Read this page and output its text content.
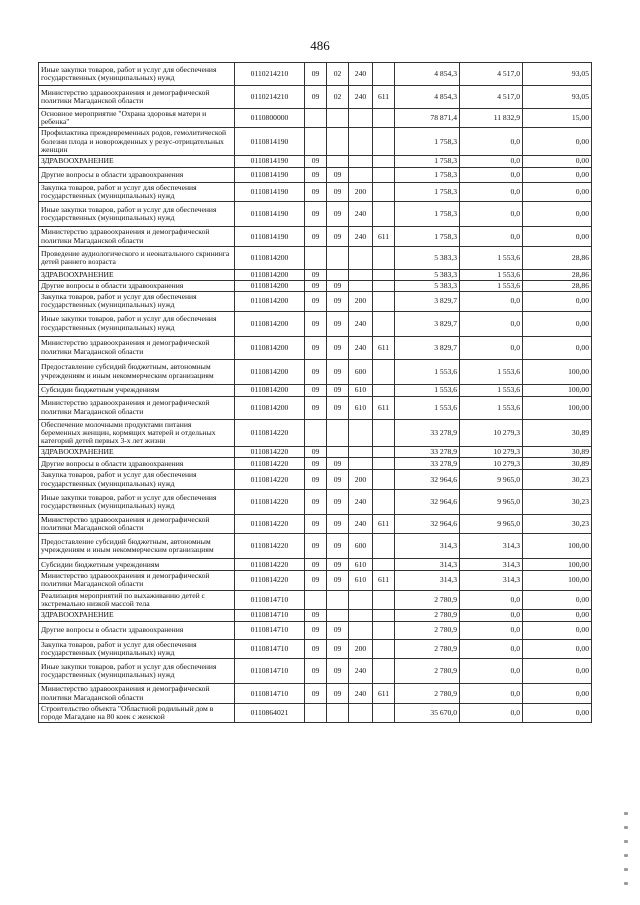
486
Иные закупки товаров, работ и услуг для обеспечения государственных (муниципальных) нужд	0110214210	09	02	240		4 854,3	4 517,0	93,05
Министерство здравоохранения и демографической политики Магаданской области	0110214210	09	02	240	611	4 854,3	4 517,0	93,05
Основное мероприятие "Охрана здоровья матери и ребенка"	0110800000					78 871,4	11 832,9	15,00
Профилактика преждевременных родов, гемолитической болезни плода и новорожденных у резус-отрицательных женщин	0110814190					1 758,3	0,0	0,00
ЗДРАВООХРАНЕНИЕ	0110814190	09				1 758,3	0,0	0,00
Другие вопросы в области здравоохранения	0110814190	09	09			1 758,3	0,0	0,00
Закупка товаров, работ и услуг для обеспечения государственных (муниципальных) нужд	0110814190	09	09	200		1 758,3	0,0	0,00
Иные закупки товаров, работ и услуг для обеспечения государственных (муниципальных) нужд	0110814190	09	09	240		1 758,3	0,0	0,00
Министерство здравоохранения и демографической политики Магаданской области	0110814190	09	09	240	611	1 758,3	0,0	0,00
Проведение аудиологического и неонатального скрининга детей раннего возраста	0110814200					5 383,3	1 553,6	28,86
ЗДРАВООХРАНЕНИЕ	0110814200	09				5 383,3	1 553,6	28,86
Другие вопросы в области здравоохранения	0110814200	09	09			5 383,3	1 553,6	28,86
Закупка товаров, работ и услуг для обеспечения государственных (муниципальных) нужд	0110814200	09	09	200		3 829,7	0,0	0,00
Иные закупки товаров, работ и услуг для обеспечения государственных (муниципальных) нужд	0110814200	09	09	240		3 829,7	0,0	0,00
Министерство здравоохранения и демографической политики Магаданской области	0110814200	09	09	240	611	3 829,7	0,0	0,00
Предоставление субсидий бюджетным, автономным учреждениям и иным некоммерческим организациям	0110814200	09	09	600		1 553,6	1 553,6	100,00
Субсидии бюджетным учреждениям	0110814200	09	09	610		1 553,6	1 553,6	100,00
Министерство здравоохранения и демографической политики Магаданской области	0110814200	09	09	610	611	1 553,6	1 553,6	100,00
Обеспечение молочными продуктами питания беременных женщин, кормящих матерей и отдельных категорий детей первых 3-х лет жизни	0110814220					33 278,9	10 279,3	30,89
ЗДРАВООХРАНЕНИЕ	0110814220	09				33 278,9	10 279,3	30,89
Другие вопросы в области здравоохранения	0110814220	09	09			33 278,9	10 279,3	30,89
Закупка товаров, работ и услуг для обеспечения государственных (муниципальных) нужд	0110814220	09	09	200		32 964,6	9 965,0	30,23
Иные закупки товаров, работ и услуг для обеспечения государственных (муниципальных) нужд	0110814220	09	09	240		32 964,6	9 965,0	30,23
Министерство здравоохранения и демографической политики Магаданской области	0110814220	09	09	240	611	32 964,6	9 965,0	30,23
Предоставление субсидий бюджетным, автономным учреждениям и иным некоммерческим организациям	0110814220	09	09	600		314,3	314,3	100,00
Субсидии бюджетным учреждениям	0110814220	09	09	610		314,3	314,3	100,00
Министерство здравоохранения и демографической политики Магаданской области	0110814220	09	09	610	611	314,3	314,3	100,00
Реализация мероприятий по выхаживанию детей с экстремально низкой массой тела	0110814710					2 780,9	0,0	0,00
ЗДРАВООХРАНЕНИЕ	0110814710	09				2 780,9	0,0	0,00
Другие вопросы в области здравоохранения	0110814710	09	09			2 780,9	0,0	0,00
Закупка товаров, работ и услуг для обеспечения государственных (муниципальных) нужд	0110814710	09	09	200		2 780,9	0,0	0,00
Иные закупки товаров, работ и услуг для обеспечения государственных (муниципальных) нужд	0110814710	09	09	240		2 780,9	0,0	0,00
Министерство здравоохранения и демографической политики Магаданской области	0110814710	09	09	240	611	2 780,9	0,0	0,00
Строительство объекта "Областной родильный дом в городе Магадане на 80 коек с женской	0110864021					35 670,0	0,0	0,00
